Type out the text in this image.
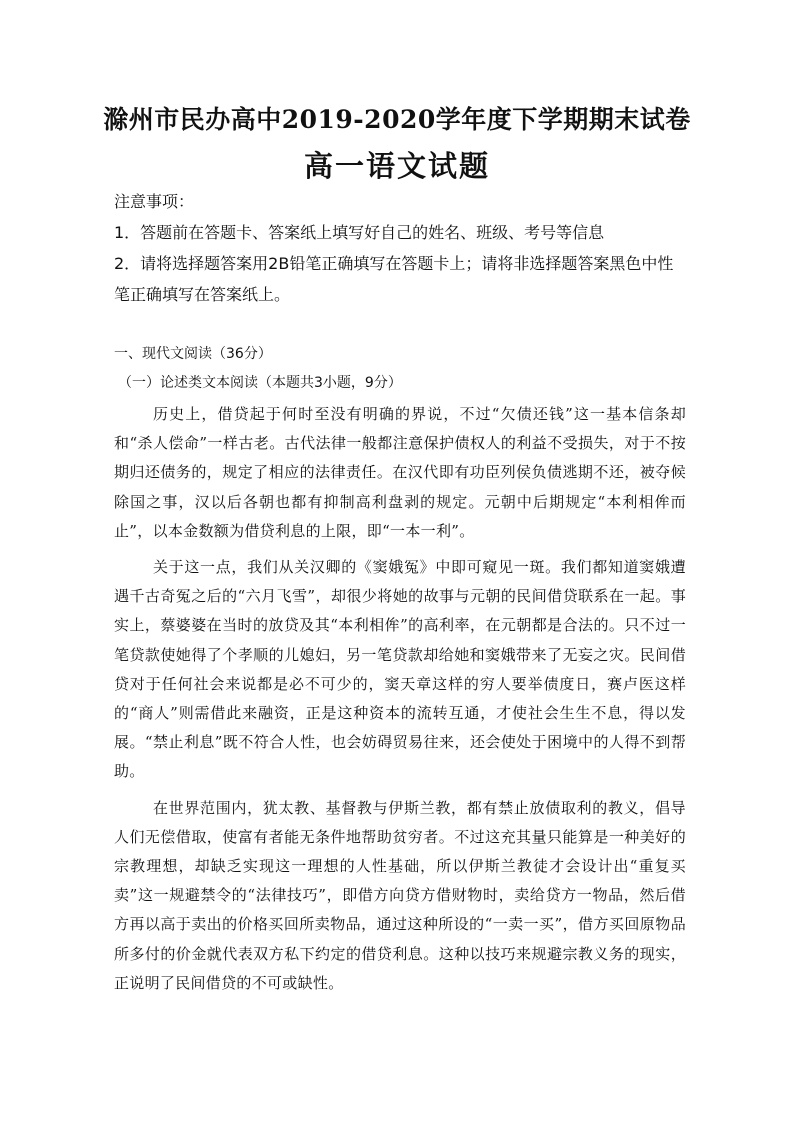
滁州市民办高中2019-2020学年度下学期期末试卷
高一语文试题

注意事项：

1．答题前在答题卡、答案纸上填写好自己的姓名、班级、考号等信息

2．请将选择题答案用2B铅笔正确填写在答题卡上；请将非选择题答案黑色中性笔正确填写在答案纸上。

一、现代文阅读（36分）
（一）论述类文本阅读（本题共3小题，9分）

历史上，借贷起于何时至没有明确的界说，不过“欠债还钱”这一基本信条却和“杀人偿命”一样古老。古代法律一般都注意保护债权人的利益不受损失，对于不按期归还债务的，规定了相应的法律责任。在汉代即有功臣列侯负债逃期不还，被夺候除国之事，汉以后各朝也都有抑制高利盘剥的规定。元朝中后期规定“本利相侔而止”，以本金数额为借贷利息的上限，即“一本一利”。

关于这一点，我们从关汉卿的《窦娥冤》中即可窥见一斑。我们都知道窦娥遭遇千古奇冤之后的“六月飞雪”，却很少将她的故事与元朝的民间借贷联系在一起。事实上，蔡婆婆在当时的放贷及其“本利相侔”的高利率，在元朝都是合法的。只不过一笔贷款使她得了个孝顺的儿媳妇，另一笔贷款却给她和窦娥带来了无妄之灾。民间借贷对于任何社会来说都是必不可少的，窦天章这样的穷人要举债度日，赛卢医这样的“商人”则需借此来融资，正是这种资本的流转互通，才使社会生生不息，得以发展。“禁止利息”既不符合人性，也会妨碍贸易往来，还会使处于困境中的人得不到帮助。

在世界范围内，犹太教、基督教与伊斯兰教，都有禁止放债取利的教义，倡导人们无偿借取，使富有者能无条件地帮助贫穷者。不过这充其量只能算是一种美好的宗教理想，却缺乏实现这一理想的人性基础，所以伊斯兰教徒才会设计出“重复买卖”这一规避禁令的“法律技巧”，即借方向贷方借财物时，卖给贷方一物品，然后借方再以高于卖出的价格买回所卖物品，通过这种所设的“一卖一买”，借方买回原物品所多付的价金就代表双方私下约定的借贷利息。这种以技巧来规避宗教义务的现实，正说明了民间借贷的不可或缺性。
